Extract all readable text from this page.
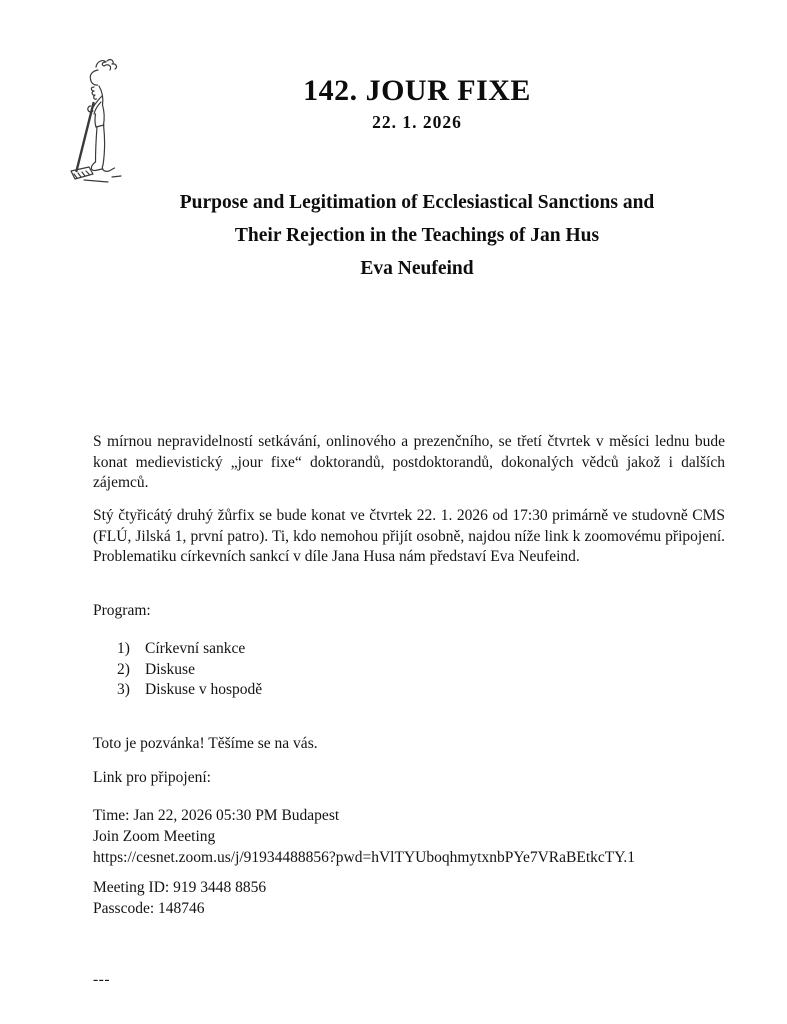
142. JOUR FIXE
22. 1. 2026
Purpose and Legitimation of Ecclesiastical Sanctions and
Their Rejection in the Teachings of Jan Hus
Eva Neufeind
S mírnou nepravidelností setkávání, onlinového a prezenčního, se třetí čtvrtek v měsíci lednu bude konat medievistický „jour fixe“ doktorandů, postdoktorandů, dokonalých vědců jakož i dalších zájemců.
Stý čtyřicátý druhý žůrfix se bude konat ve čtvrtek 22. 1. 2026 od 17:30 primárně ve studovně CMS (FLÚ, Jilská 1, první patro). Ti, kdo nemohou přijít osobně, najdou níže link k zoomovému připojení. Problematiku církevních sankcí v díle Jana Husa nám představí Eva Neufeind.
Program:
1) Církevní sankce
2) Diskuse
3) Diskuse v hospodě
Toto je pozvánka! Těšíme se na vás.
Link pro připojení:
Time: Jan 22, 2026 05:30 PM Budapest
Join Zoom Meeting
https://cesnet.zoom.us/j/91934488856?pwd=hVlTYUboqhmytxnbPYe7VRaBEtkcTY.1
Meeting ID: 919 3448 8856
Passcode: 148746
---
